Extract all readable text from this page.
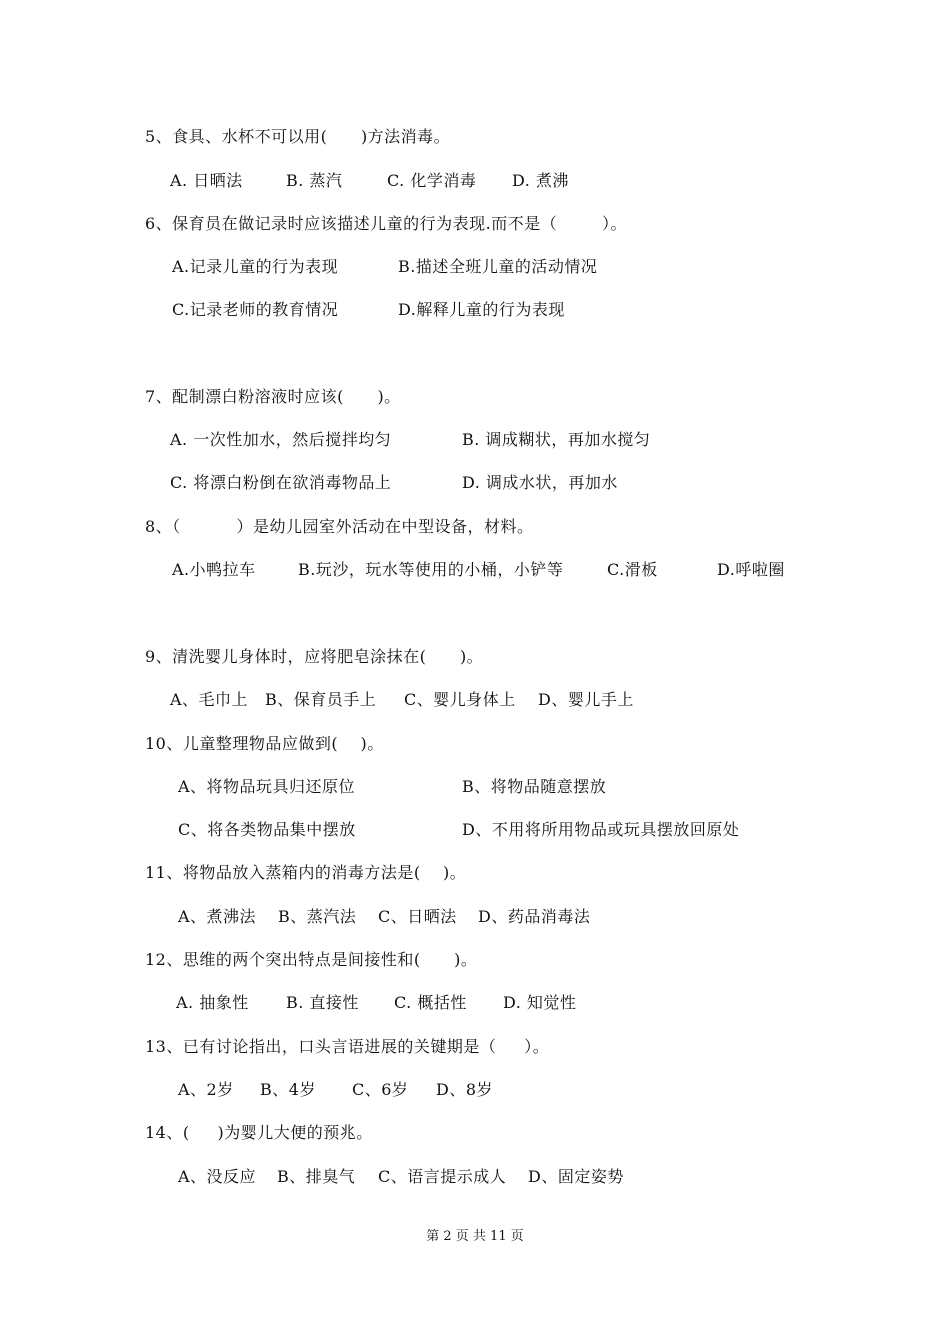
5、食具、水杯不可以用(      )方法消毒。
A. 日晒法	B. 蒸汽	C. 化学消毒 D. 煮沸
6、保育员在做记录时应该描述儿童的行为表现.而不是（        ）。
A.记录儿童的行为表现	B.描述全班儿童的活动情况
C.记录老师的教育情况	D.解释儿童的行为表现
7、配制漂白粉溶液时应该(      )。
A. 一次性加水，然后搅拌均匀	B. 调成糊状，再加水搅匀
C. 将漂白粉倒在欲消毒物品上	D. 调成水状，再加水
8、（          ）是幼儿园室外活动在中型设备，材料。
A.小鸭拉车	B.玩沙，玩水等使用的小桶，小铲等	C.滑板	D.呼啦圈
9、清洗婴儿身体时，应将肥皂涂抹在(      )。
A、毛巾上 B、保育员手上 C、婴儿身体上 D、婴儿手上
10、儿童整理物品应做到(    )。
A、将物品玩具归还原位	B、将物品随意摆放
C、将各类物品集中摆放	D、不用将所用物品或玩具摆放回原处
11、将物品放入蒸箱内的消毒方法是(    )。
A、煮沸法 B、蒸汽法 C、日晒法 D、药品消毒法
12、思维的两个突出特点是间接性和(      )。
A. 抽象性 B. 直接性 C. 概括性 D. 知觉性
13、已有讨论指出，口头言语进展的关键期是（     ）。
A、2岁 B、4岁 C、6岁 D、8岁
14、(     )为婴儿大便的预兆。
A、没反应 B、排臭气 C、语言提示成人 D、固定姿势
第 2 页 共 11 页
